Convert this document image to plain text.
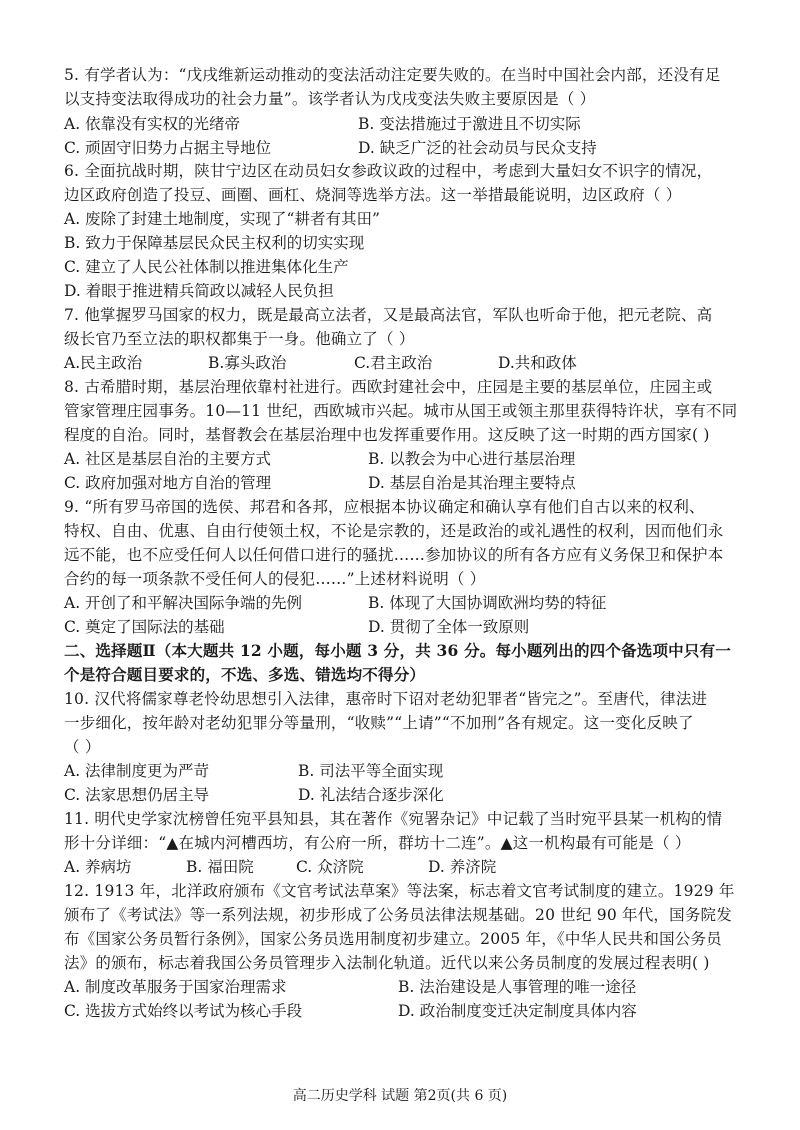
5. 有学者认为：“戊戌维新运动推动的变法活动注定要失败的。在当时中国社会内部，还没有足
以支持变法取得成功的社会力量”。该学者认为戊戌变法失败主要原因是（ ）
A. 依靠没有实权的光绪帝	B. 变法措施过于激进且不切实际
C. 顽固守旧势力占据主导地位	D. 缺乏广泛的社会动员与民众支持
6. 全面抗战时期，陕甘宁边区在动员妇女参政议政的过程中，考虑到大量妇女不识字的情况，
边区政府创造了投豆、画圈、画杠、烧洞等选举方法。这一举措最能说明，边区政府（ ）
A. 废除了封建土地制度，实现了“耕者有其田”
B. 致力于保障基层民众民主权利的切实实现
C. 建立了人民公社体制以推进集体化生产
D. 着眼于推进精兵简政以减轻人民负担
7. 他掌握罗马国家的权力，既是最高立法者，又是最高法官，军队也听命于他，把元老院、高
级长官乃至立法的职权都集于一身。他确立了（ ）
A.民主政治	B.寡头政治	C.君主政治	D.共和政体
8. 古希腊时期，基层治理依靠村社进行。西欧封建社会中，庄园是主要的基层单位，庄园主或
管家管理庄园事务。10—11 世纪，西欧城市兴起。城市从国王或领主那里获得特许状，享有不同
程度的自治。同时，基督教会在基层治理中也发挥重要作用。这反映了这一时期的西方国家( )
A. 社区是基层自治的主要方式	B. 以教会为中心进行基层治理
C. 政府加强对地方自治的管理	D. 基层自治是其治理主要特点
9. “所有罗马帝国的选侯、邦君和各邦，应根据本协议确定和确认享有他们自古以来的权利、
特权、自由、优惠、自由行使领土权，不论是宗教的，还是政治的或礼遇性的权利，因而他们永
远不能，也不应受任何人以任何借口进行的骚扰……参加协议的所有各方应有义务保卫和保护本
合约的每一项条款不受任何人的侵犯……”上述材料说明（ ）
A. 开创了和平解决国际争端的先例	B. 体现了大国协调欧洲均势的特征
C. 奠定了国际法的基础	D. 贯彻了全体一致原则
二、选择题Ⅱ（本大题共 12 小题，每小题 3 分，共 36 分。每小题列出的四个备选项中只有一
个是符合题目要求的，不选、多选、错选均不得分）
10. 汉代将儒家尊老怜幼思想引入法律，惠帝时下诏对老幼犯罪者“皆完之”。至唐代，律法进
一步细化，按年龄对老幼犯罪分等量刑，“收赎”“上请”“不加刑”各有规定。这一变化反映了
（ ）
A. 法律制度更为严苛	B. 司法平等全面实现
C. 法家思想仍居主导	D. 礼法结合逐步深化
11. 明代史学家沈榜曾任宛平县知县，其在著作《宛署杂记》中记载了当时宛平县某一机构的情
形十分详细：“▲在城内河槽西坊，有公府一所，群坊十二连”。▲这一机构最有可能是（ ）
A. 养病坊	B. 福田院	C. 众济院	D. 养济院
12. 1913 年，北洋政府颁布《文官考试法草案》等法案，标志着文官考试制度的建立。1929 年
颁布了《考试法》等一系列法规，初步形成了公务员法律法规基础。20 世纪 90 年代，国务院发
布《国家公务员暂行条例》，国家公务员选用制度初步建立。2005 年，《中华人民共和国公务员
法》的颁布，标志着我国公务员管理步入法制化轨道。近代以来公务员制度的发展过程表明( )
A. 制度改革服务于国家治理需求	B. 法治建设是人事管理的唯一途径
C. 选拔方式始终以考试为核心手段	D. 政治制度变迁决定制度具体内容
高二历史学科 试题 第2页(共 6 页)
